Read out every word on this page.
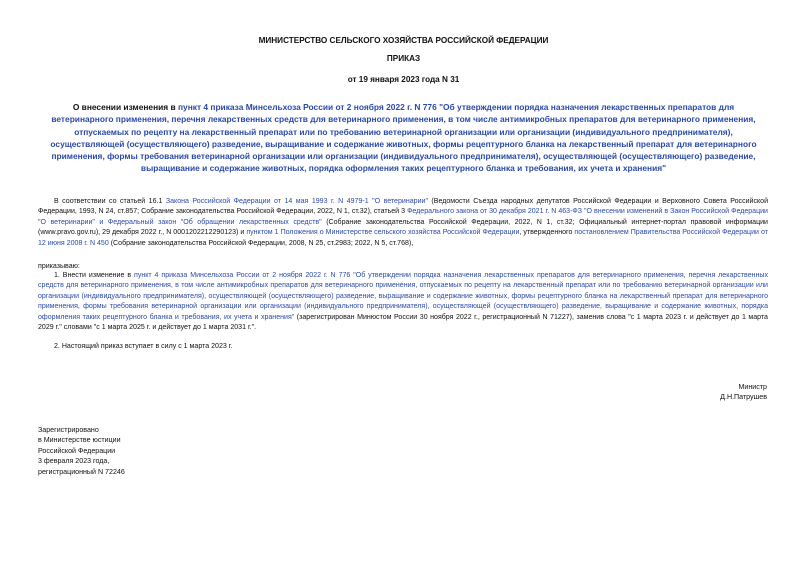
МИНИСТЕРСТВО СЕЛЬСКОГО ХОЗЯЙСТВА РОССИЙСКОЙ ФЕДЕРАЦИИ
ПРИКАЗ
от 19 января 2023 года N 31
О внесении изменения в пункт 4 приказа Минсельхоза России от 2 ноября 2022 г. N 776 "Об утверждении порядка назначения лекарственных препаратов для ветеринарного применения, перечня лекарственных средств для ветеринарного применения, в том числе антимикробных препаратов для ветеринарного применения, отпускаемых по рецепту на лекарственный препарат или по требованию ветеринарной организации или организации (индивидуального предпринимателя), осуществляющей (осуществляющего) разведение, выращивание и содержание животных, формы рецептурного бланка на лекарственный препарат для ветеринарного применения, формы требования ветеринарной организации или организации (индивидуального предпринимателя), осуществляющей (осуществляющего) разведение, выращивание и содержание животных, порядка оформления таких рецептурного бланка и требования, их учета и хранения"
В соответствии со статьей 16.1 Закона Российской Федерации от 14 мая 1993 г. N 4979-1 "О ветеринарии" (Ведомости Съезда народных депутатов Российской Федерации и Верховного Совета Российской Федерации, 1993, N 24, ст.857; Собрание законодательства Российской Федерации, 2022, N 1, ст.32), статьей 3 Федерального закона от 30 декабря 2021 г. N 463-ФЗ "О внесении изменений в Закон Российской Федерации "О ветеринарии" и Федеральный закон "Об обращении лекарственных средств" (Собрание законодательства Российской Федерации, 2022, N 1, ст.32; Официальный интернет-портал правовой информации (www.pravo.gov.ru), 29 декабря 2022 г., N 0001202212290123) и пунктом 1 Положения о Министерстве сельского хозяйства Российской Федерации, утвержденного постановлением Правительства Российской Федерации от 12 июня 2008 г. N 450 (Собрание законодательства Российской Федерации, 2008, N 25, ст.2983; 2022, N 5, ст.768),
приказываю:
1. Внести изменение в пункт 4 приказа Минсельхоза России от 2 ноября 2022 г. N 776 "Об утверждении порядка назначения лекарственных препаратов для ветеринарного применения, перечня лекарственных средств для ветеринарного применения, в том числе антимикробных препаратов для ветеринарного применения, отпускаемых по рецепту на лекарственный препарат или по требованию ветеринарной организации или организации (индивидуального предпринимателя), осуществляющей (осуществляющего) разведение, выращивание и содержание животных, формы рецептурного бланка на лекарственный препарат для ветеринарного применения, формы требования ветеринарной организации или организации (индивидуального предпринимателя), осуществляющей (осуществляющего) разведение, выращивание и содержание животных, порядка оформления таких рецептурного бланка и требования, их учета и хранения" (зарегистрирован Минюстом России 30 ноября 2022 г., регистрационный N 71227), заменив слова "с 1 марта 2023 г. и действует до 1 марта 2029 г." словами "с 1 марта 2025 г. и действует до 1 марта 2031 г.".
2. Настоящий приказ вступает в силу с 1 марта 2023 г.
Министр
Д.Н.Патрушев
Зарегистрировано
в Министерстве юстиции
Российской Федерации
3 февраля 2023 года,
регистрационный N 72246
